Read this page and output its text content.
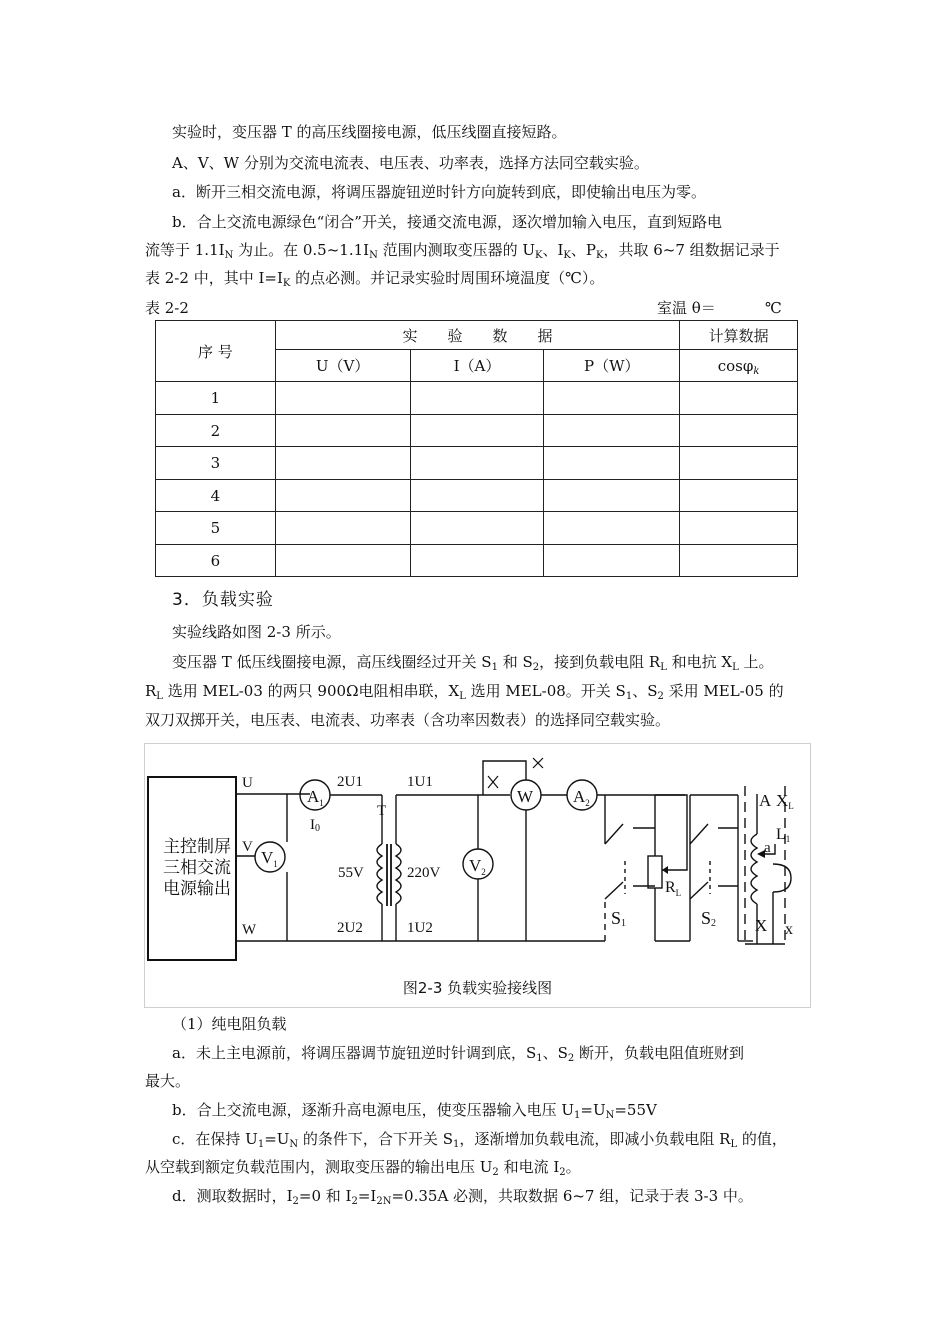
实验时，变压器 T 的高压线圈接电源，低压线圈直接短路。
A、V、W 分别为交流电流表、电压表、功率表，选择方法同空载实验。
a．断开三相交流电源，将调压器旋钮逆时针方向旋转到底，即使输出电压为零。
b．合上交流电源绿色“闭合”开关，接通交流电源，逐次增加输入电压，直到短路电
流等于 $1.1I_N$ 为止。在 $0.5\sim 1.1I_N$ 范围内测取变压器的 $U_K$、$I_K$、$P_K$，共取 6~7 组数据记录于
表 2-2 中，其中 $I=I_K$ 的点必测。并记录实验时周围环境温度（℃）。
表 2-2	室温 θ＝	℃
序 号	实　　验　　数　　据			计算数据
	U（V）	I（A）	P（W）	cosφ$_k$
1				
2				
3				
4				
5				
6				
3．负载实验
实验线路如图 2-3 所示。
变压器 T 低压线圈接电源，高压线圈经过开关 $S_1$ 和 $S_2$，接到负载电阻 $R_L$ 和电抗 $X_L$ 上。
$R_L$ 选用 MEL-03 的两只 900Ω电阻相串联，$X_L$ 选用 MEL-08。开关 $S_1$、$S_2$ 采用 MEL-05 的
双刀双掷开关，电压表、电流表、功率表（含功率因数表）的选择同空载实验。
主控制屏
三相交流
电源输出
U
V
W
$A_1$
$V_1$
I0
2U1	1U1
T
55V	220V
2U2	1U2
$V_2$
W $A_2$
$R_L$
S1	S2
A XL
L1
a
X x
图2-3 负载实验接线图
（1）纯电阻负载
a．未上主电源前，将调压器调节旋钮逆时针调到底，$S_1$、$S_2$ 断开，负载电阻值班财到
最大。
b．合上交流电源，逐渐升高电源电压，使变压器输入电压 $U_1=U_N=55V$
c．在保持 $U_1=U_N$ 的条件下，合下开关 $S_1$，逐渐增加负载电流，即减小负载电阻 $R_L$ 的值，
从空载到额定负载范围内，测取变压器的输出电压 $U_2$ 和电流 $I_2$。
d．测取数据时，$I_2=0$ 和 $I_2=I_{2N}=0.35A$ 必测，共取数据 6~7 组，记录于表 3-3 中。
